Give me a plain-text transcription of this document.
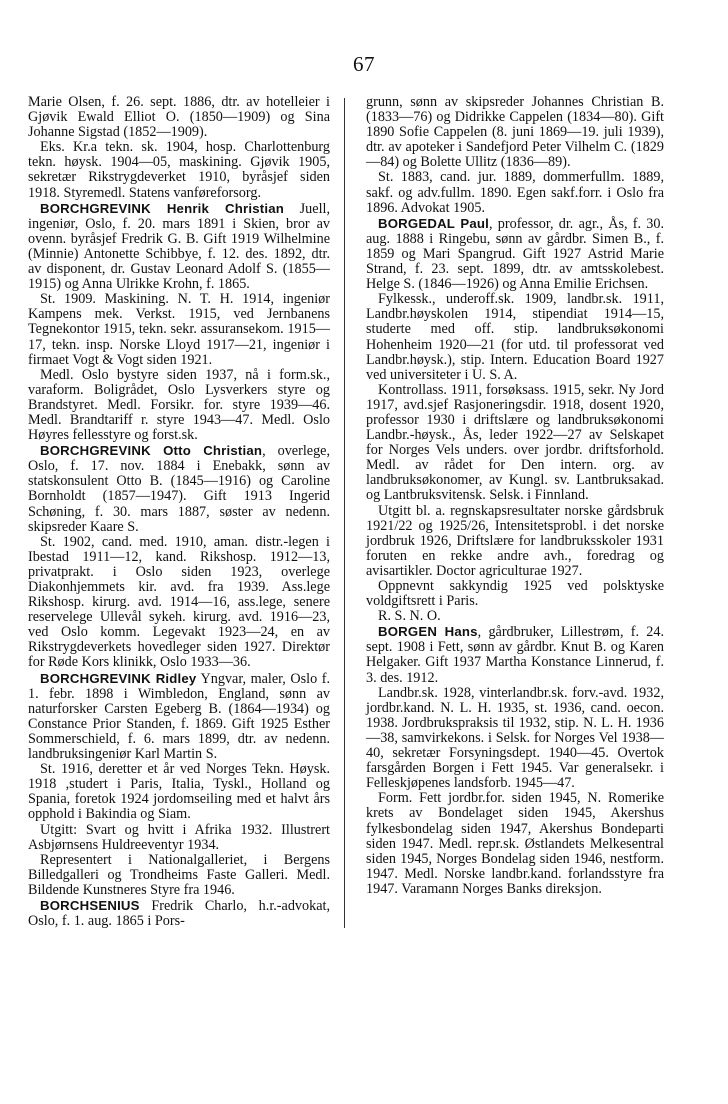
67

Marie Olsen, f. 26. sept. 1886, dtr. av hotelleier i Gjøvik Ewald Elliot O. (1850—1909) og Sina Johanne Sigstad (1852—1909).

Eks. Kr.a tekn. sk. 1904, hosp. Charlottenburg tekn. høysk. 1904—05, maskining. Gjøvik 1905, sekretær Rikstrygdeverket 1910, byråsjef siden 1918. Styremedl. Statens vanføreforsorg.

BORCHGREVINK Henrik Christian Juell, ingeniør, Oslo, f. 20. mars 1891 i Skien, bror av ovenn. byråsjef Fredrik G. B. Gift 1919 Wilhelmine (Minnie) Antonette Schibbye, f. 12. des. 1892, dtr. av disponent, dr. Gustav Leonard Adolf S. (1855—1915) og Anna Ulrikke Krohn, f. 1865.

St. 1909. Maskining. N. T. H. 1914, ingeniør Kampens mek. Verkst. 1915, ved Jernbanens Tegnekontor 1915, tekn. sekr. assuransekom. 1915—17, tekn. insp. Norske Lloyd 1917—21, ingeniør i firmaet Vogt & Vogt siden 1921.

Medl. Oslo bystyre siden 1937, nå i form.sk., varaform. Boligrådet, Oslo Lysverkers styre og Brandstyret. Medl. Forsikr. for. styre 1939—46. Medl. Brandtariff r. styre 1943—47. Medl. Oslo Høyres fellesstyre og forst.sk.

BORCHGREVINK Otto Christian, overlege, Oslo, f. 17. nov. 1884 i Enebakk, sønn av statskonsulent Otto B. (1845—1916) og Caroline Bornholdt (1857—1947). Gift 1913 Ingerid Schøning, f. 30. mars 1887, søster av nedenn. skipsreder Kaare S.

St. 1902, cand. med. 1910, aman. distr.-legen i Ibestad 1911—12, kand. Rikshosp. 1912—13, privatprakt. i Oslo siden 1923, overlege Diakonhjemmets kir. avd. fra 1939. Ass.lege Rikshosp. kirurg. avd. 1914—16, ass.lege, senere reservelege Ullevål sykeh. kirurg. avd. 1916—23, ved Oslo komm. Legevakt 1923—24, en av Rikstrygdeverkets hovedleger siden 1927. Direktør for Røde Kors klinikk, Oslo 1933—36.

BORCHGREVINK Ridley Yngvar, maler, Oslo f. 1. febr. 1898 i Wimbledon, England, sønn av naturforsker Carsten Egeberg B. (1864—1934) og Constance Prior Standen, f. 1869. Gift 1925 Esther Sommerschield, f. 6. mars 1899, dtr. av nedenn. landbruksingeniør Karl Martin S.

St. 1916, deretter et år ved Norges Tekn. Høysk. 1918 ,studert i Paris, Italia, Tyskl., Holland og Spania, foretok 1924 jordomseiling med et halvt års opphold i Bakindia og Siam.

Utgitt: Svart og hvitt i Afrika 1932. Illustrert Asbjørnsens Huldreeventyr 1934.

Representert i Nationalgalleriet, i Bergens Billedgalleri og Trondheims Faste Galleri. Medl. Bildende Kunstneres Styre fra 1946.

BORCHSENIUS Fredrik Charlo, h.r.-advokat, Oslo, f. 1. aug. 1865 i Pors-

grunn, sønn av skipsreder Johannes Christian B. (1833—76) og Didrikke Cappelen (1834—80). Gift 1890 Sofie Cappelen (8. juni 1869—19. juli 1939), dtr. av apoteker i Sandefjord Peter Vilhelm C. (1829—84) og Bolette Ullitz (1836—89).

St. 1883, cand. jur. 1889, dommerfullm. 1889, sakf. og adv.fullm. 1890. Egen sakf.forr. i Oslo fra 1896. Advokat 1905.

BORGEDAL Paul, professor, dr. agr., Ås, f. 30. aug. 1888 i Ringebu, sønn av gårdbr. Simen B., f. 1859 og Mari Spangrud. Gift 1927 Astrid Marie Strand, f. 23. sept. 1899, dtr. av amtsskolebest. Helge S. (1846—1926) og Anna Emilie Erichsen.

Fylkessk., underoff.sk. 1909, landbr.sk. 1911, Landbr.høyskolen 1914, stipendiat 1914—15, studerte med off. stip. landbruksøkonomi Hohenheim 1920—21 (for utd. til professorat ved Landbr.høysk.), stip. Intern. Education Board 1927 ved universiteter i U. S. A.

Kontrollass. 1911, forsøksass. 1915, sekr. Ny Jord 1917, avd.sjef Rasjoneringsdir. 1918, dosent 1920, professor 1930 i driftslære og landbruksøkonomi Landbr.-høysk., Ås, leder 1922—27 av Selskapet for Norges Vels unders. over jordbr. driftsforhold. Medl. av rådet for Den intern. org. av landbruksøkonomer, av Kungl. sv. Lantbruksakad. og Lantbruksvitensk. Selsk. i Finnland.

Utgitt bl. a. regnskapsresultater norske gårdsbruk 1921/22 og 1925/26, Intensitetsprobl. i det norske jordbruk 1926, Driftslære for landbruksskoler 1931 foruten en rekke andre avh., foredrag og avisartikler. Doctor agriculturae 1927.

Oppnevnt sakkyndig 1925 ved polsktyske voldgiftsrett i Paris.

R. S. N. O.

BORGEN Hans, gårdbruker, Lillestrøm, f. 24. sept. 1908 i Fett, sønn av gårdbr. Knut B. og Karen Helgaker. Gift 1937 Martha Konstance Linnerud, f. 3. des. 1912.

Landbr.sk. 1928, vinterlandbr.sk. forv.-avd. 1932, jordbr.kand. N. L. H. 1935, st. 1936, cand. oecon. 1938. Jordbrukspraksis til 1932, stip. N. L. H. 1936—38, samvirkekons. i Selsk. for Norges Vel 1938—40, sekretær Forsyningsdept. 1940—45. Overtok farsgården Borgen i Fett 1945. Var generalsekr. i Felleskjøpenes landsforb. 1945—47.

Form. Fett jordbr.for. siden 1945, N. Romerike krets av Bondelaget siden 1945, Akershus fylkesbondelag siden 1947, Akershus Bondeparti siden 1947. Medl. repr.sk. Østlandets Melkesentral siden 1945, Norges Bondelag siden 1946, nestform. 1947. Medl. Norske landbr.kand. forlandsstyre fra 1947. Varamann Norges Banks direksjon.
